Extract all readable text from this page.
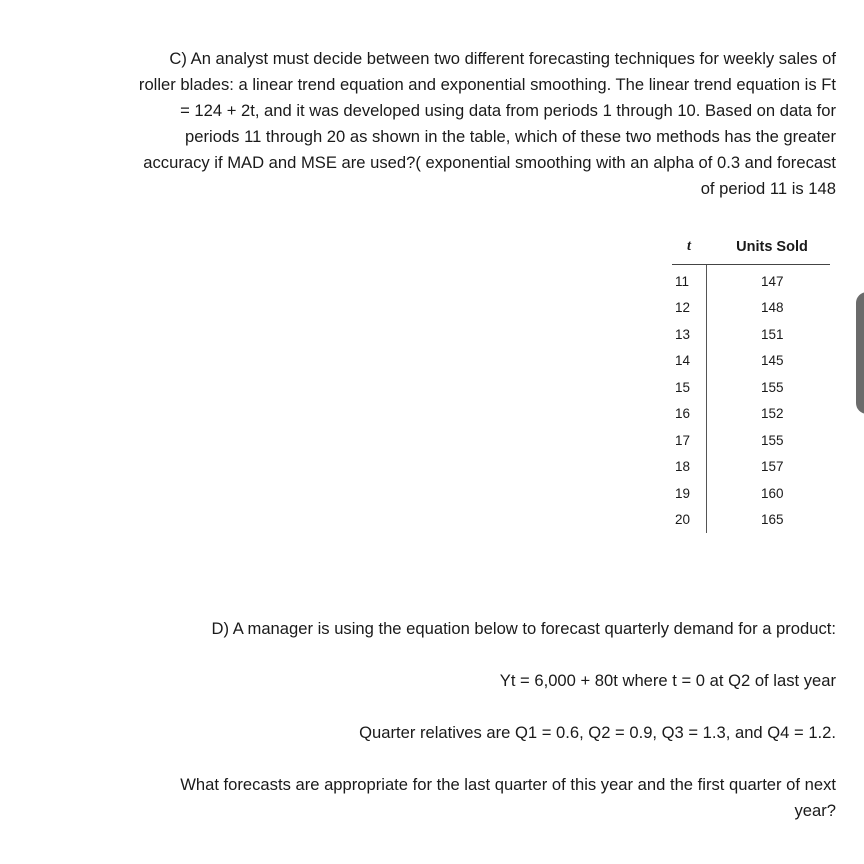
C) An analyst must decide between two different forecasting techniques for weekly sales of
roller blades: a linear trend equation and exponential smoothing. The linear trend equation is Ft
= 124 + 2t, and it was developed using data from periods 1 through 10. Based on data for
periods 11 through 20 as shown in the table, which of these two methods has the greater
accuracy if MAD and MSE are used?( exponential smoothing with an alpha of 0.3 and forecast
of period 11 is 148
t	Units Sold
11	147
12	148
13	151
14	145
15	155
16	152
17	155
18	157
19	160
20	165
D) A manager is using the equation below to forecast quarterly demand for a product:
Yt = 6,000 + 80t where t = 0 at Q2 of last year
Quarter relatives are Q1 = 0.6, Q2 = 0.9, Q3 = 1.3, and Q4 = 1.2.
What forecasts are appropriate for the last quarter of this year and the first quarter of next
year?
